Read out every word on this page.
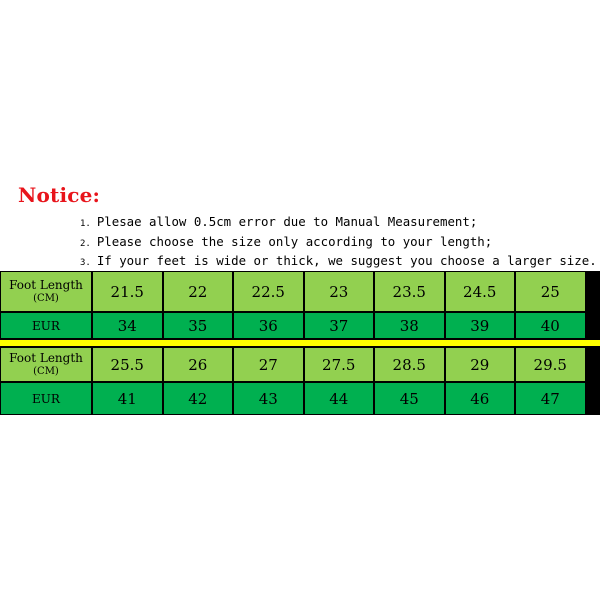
Notice:
1. Plesae allow 0.5cm error due to Manual Measurement;
2. Please choose the size only according to your length;
3. If your feet is wide or thick, we suggest you choose a larger size.
Foot Length
(CM)	21.5	22	22.5	23	23.5	24.5	25
EUR	34	35	36	37	38	39	40
Foot Length
(CM)	25.5	26	27	27.5	28.5	29	29.5
EUR	41	42	43	44	45	46	47
